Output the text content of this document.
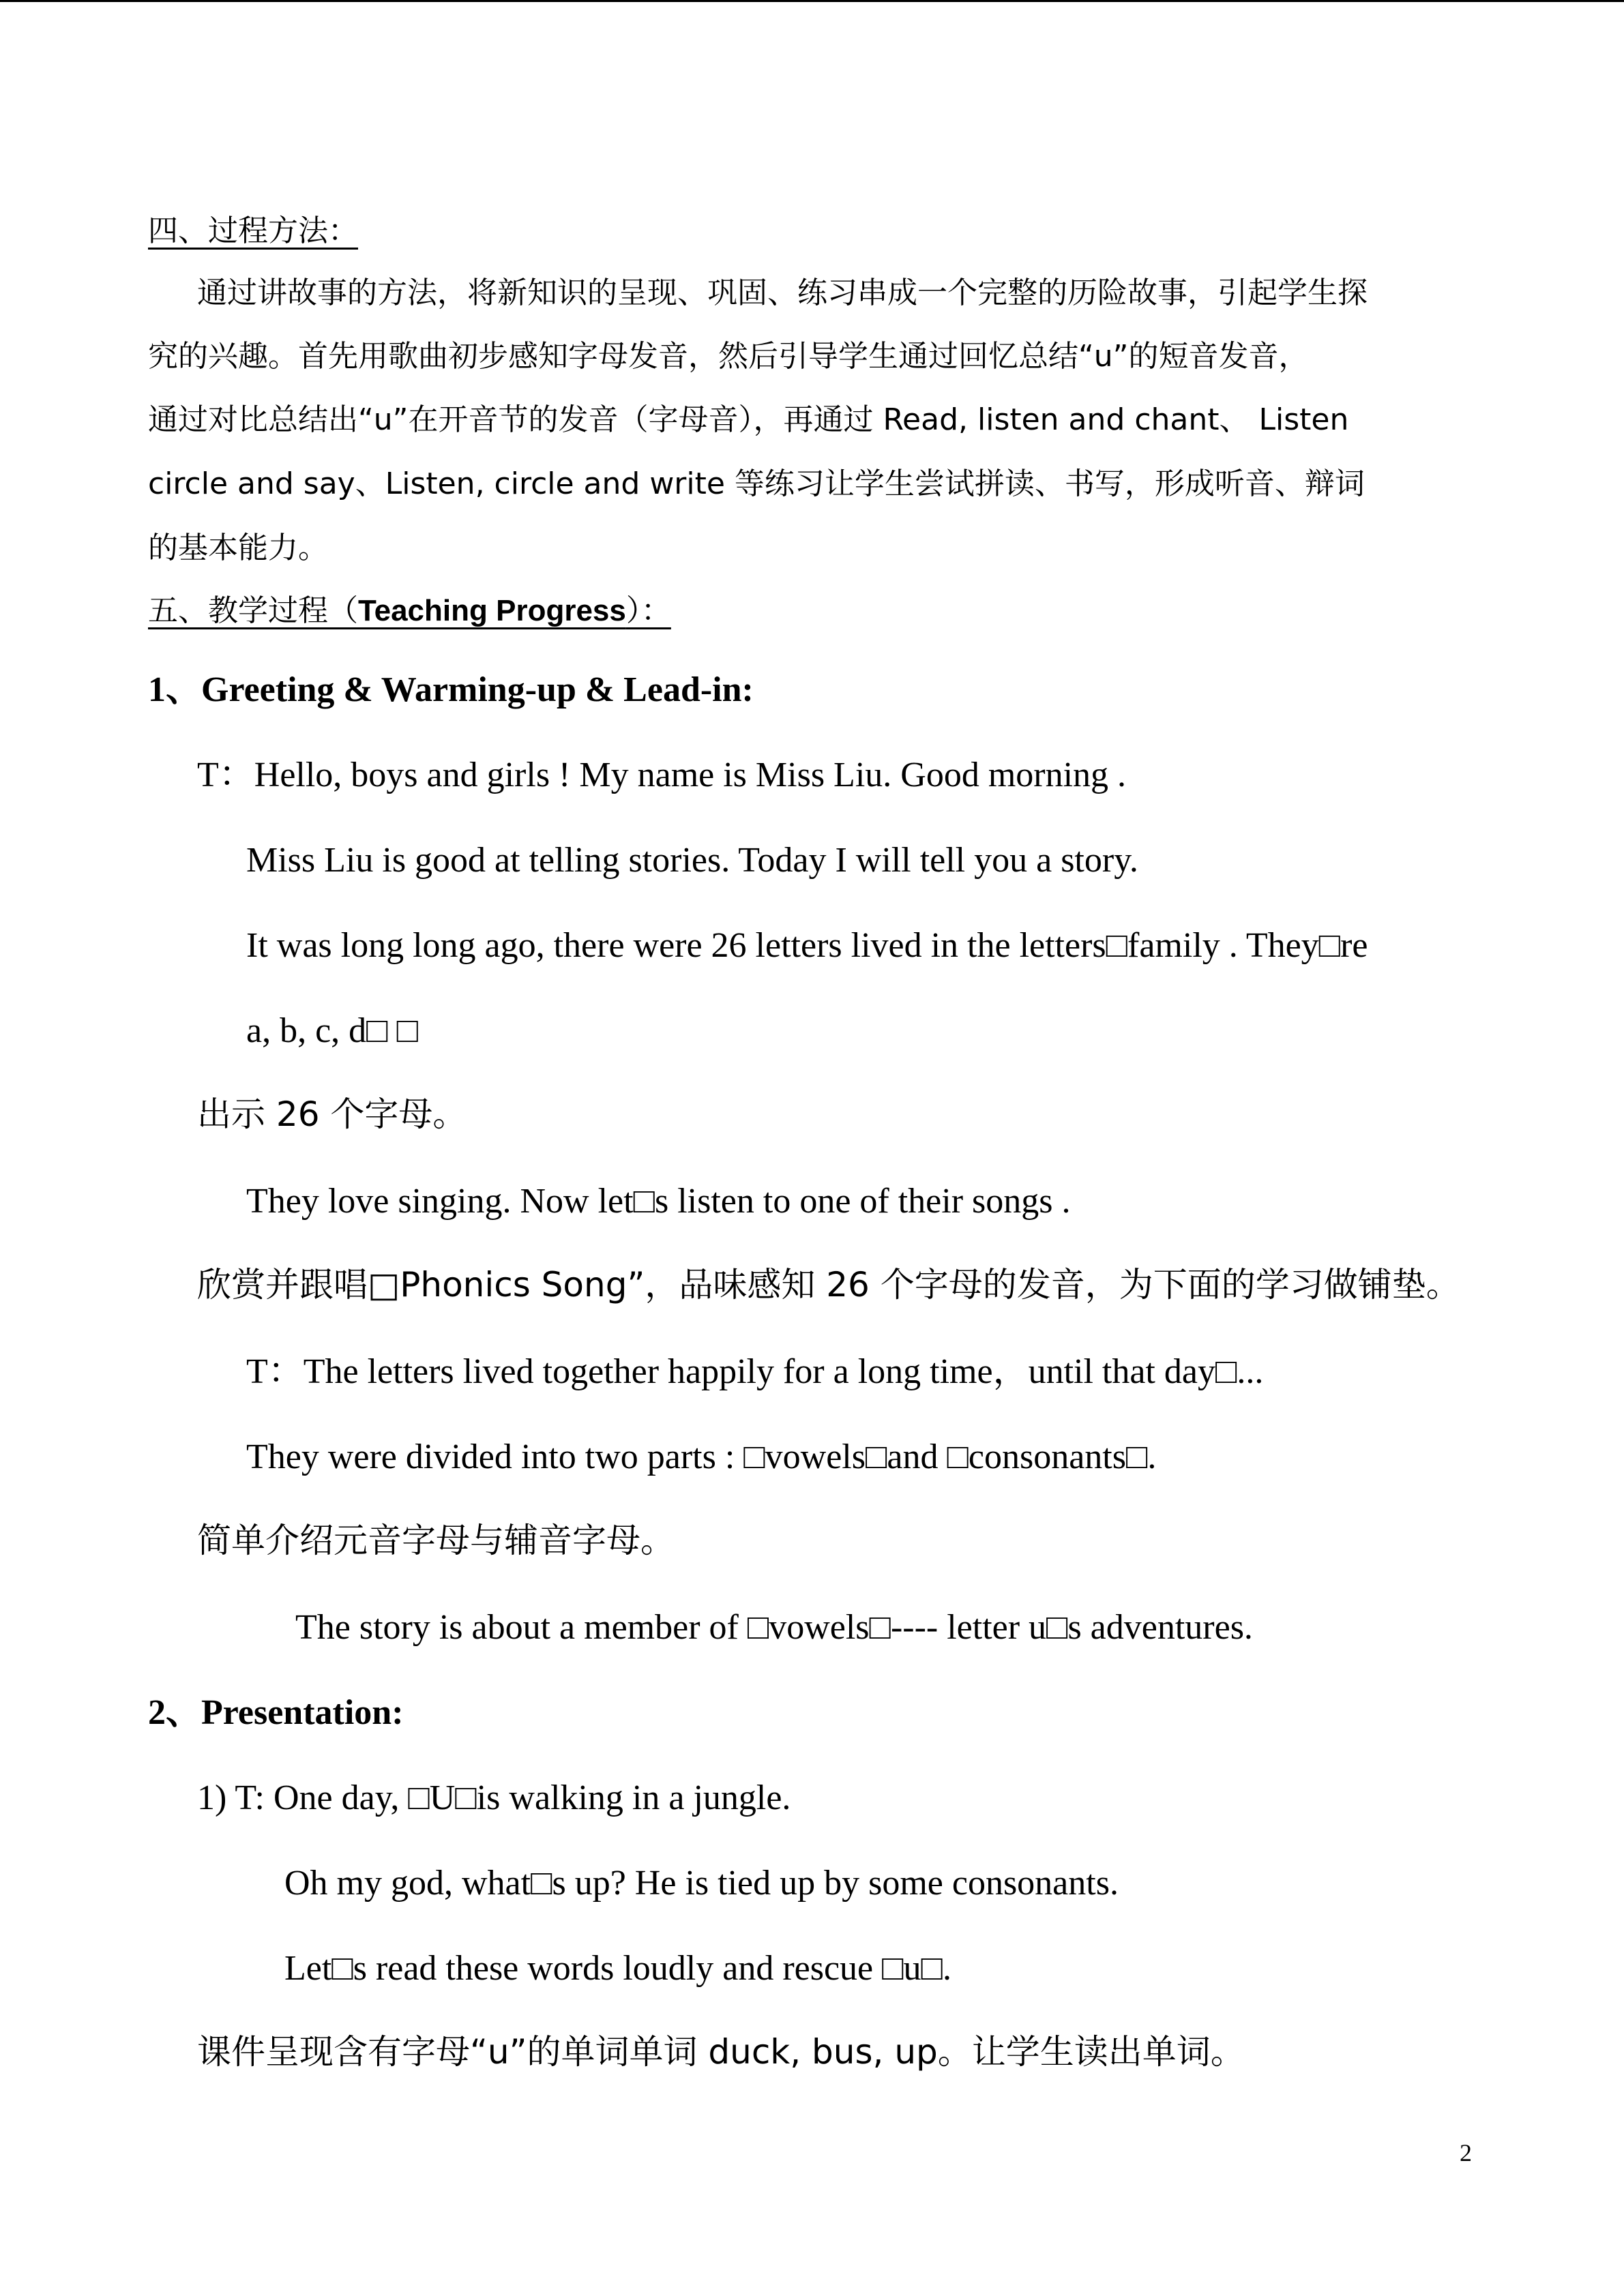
四、过程方法：
通过讲故事的方法，将新知识的呈现、巩固、练习串成一个完整的历险故事，引起学生探
究的兴趣。首先用歌曲初步感知字母发音，然后引导学生通过回忆总结“u”的短音发音，
通过对比总结出“u”在开音节的发音（字母音），再通过 Read, listen and chant、 Listen
circle and say、Listen, circle and write 等练习让学生尝试拼读、书写，形成听音、辩词
的基本能力。
五、教学过程（Teaching Progress）：
1、Greeting & Warming-up & Lead-in:
T：Hello, boys and girls ! My name is Miss Liu. Good morning .
Miss Liu is good at telling stories. Today I will tell you a story.
It was long long ago, there were 26 letters lived in the letters□family . They□re
a, b, c, d□ □
出示 26 个字母。
They love singing. Now let□s listen to one of their songs .
欣赏并跟唱□Phonics Song”，品味感知 26 个字母的发音，为下面的学习做铺垫。
T：The letters lived together happily for a long time，until that day□...
They were divided into two parts : □vowels□and □consonants□.
简单介绍元音字母与辅音字母。
The story is about a member of □vowels□---- letter u□s adventures.
2、Presentation:
1) T: One day, □U□is walking in a jungle.
Oh my god, what□s up? He is tied up by some consonants.
Let□s read these words loudly and rescue □u□.
课件呈现含有字母“u”的单词单词 duck, bus, up。让学生读出单词。
2
